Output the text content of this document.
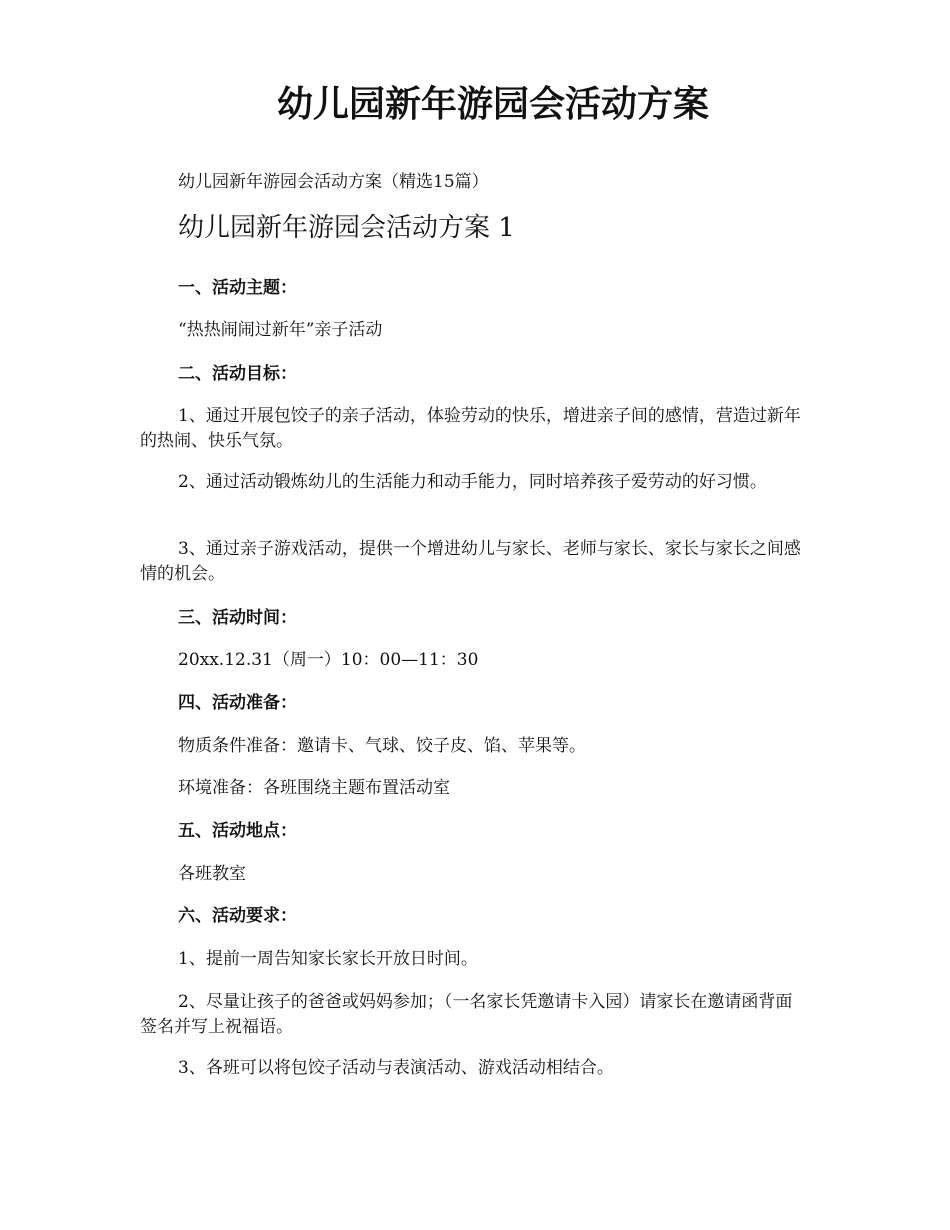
幼儿园新年游园会活动方案

幼儿园新年游园会活动方案（精选15篇）

幼儿园新年游园会活动方案 1

一、活动主题：

“热热闹闹过新年”亲子活动

二、活动目标：

1、通过开展包饺子的亲子活动，体验劳动的快乐，增进亲子间的感情，营造过新年的热闹、快乐气氛。

2、通过活动锻炼幼儿的生活能力和动手能力，同时培养孩子爱劳动的好习惯。

3、通过亲子游戏活动，提供一个增进幼儿与家长、老师与家长、家长与家长之间感情的机会。

三、活动时间：

20xx.12.31（周一）10：00—11：30

四、活动准备：

物质条件准备：邀请卡、气球、饺子皮、馅、苹果等。

环境准备：各班围绕主题布置活动室

五、活动地点：

各班教室

六、活动要求：

1、提前一周告知家长家长开放日时间。

2、尽量让孩子的爸爸或妈妈参加；（一名家长凭邀请卡入园）请家长在邀请函背面签名并写上祝福语。

3、各班可以将包饺子活动与表演活动、游戏活动相结合。
